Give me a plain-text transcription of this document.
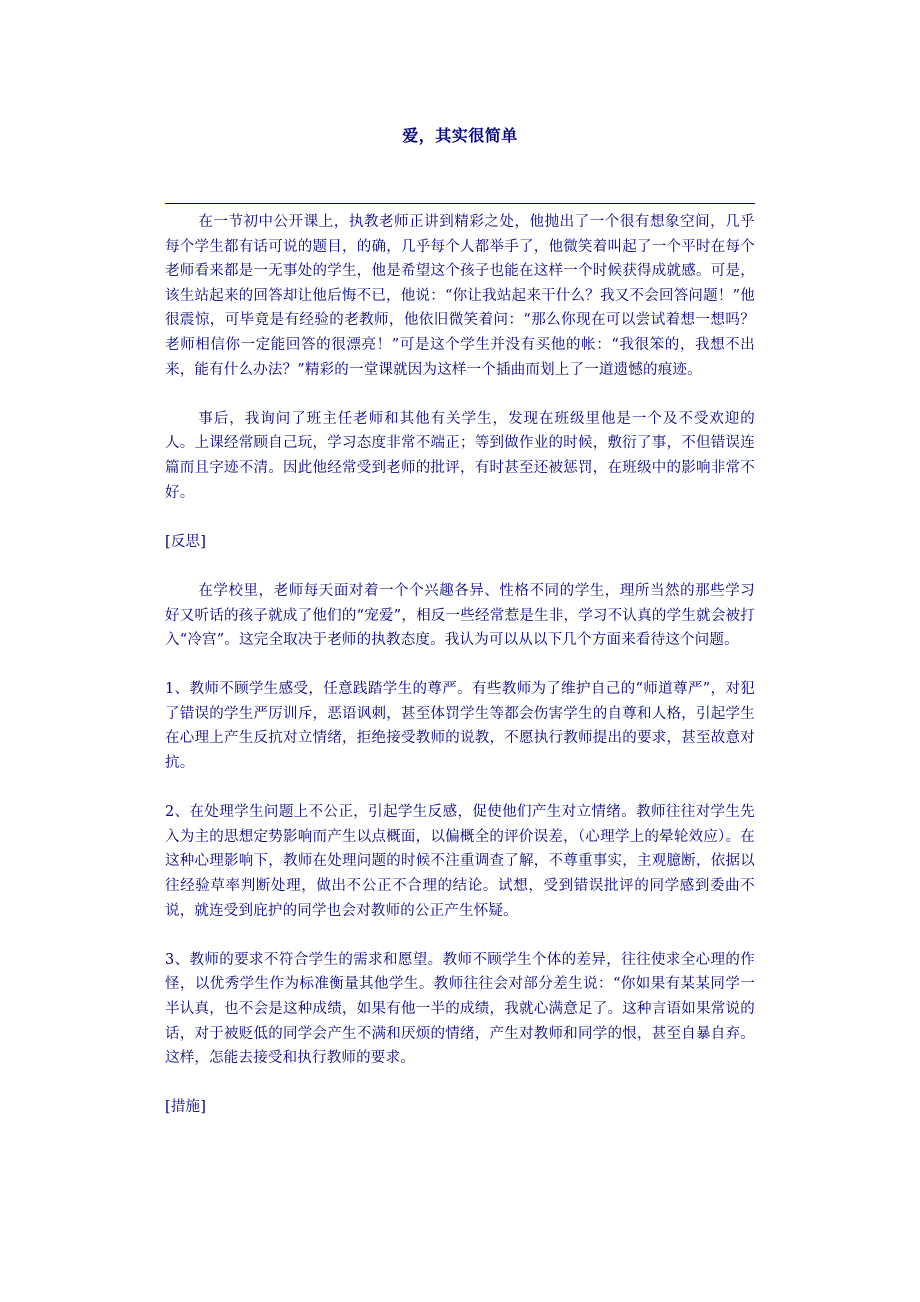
爱，其实很简单

在一节初中公开课上，执教老师正讲到精彩之处，他抛出了一个很有想象空间，几乎每个学生都有话可说的题目，的确，几乎每个人都举手了，他微笑着叫起了一个平时在每个老师看来都是一无事处的学生，他是希望这个孩子也能在这样一个时候获得成就感。可是，该生站起来的回答却让他后悔不已，他说：“你让我站起来干什么？我又不会回答问题！”他很震惊，可毕竟是有经验的老教师，他依旧微笑着问：“那么你现在可以尝试着想一想吗？老师相信你一定能回答的很漂亮！”可是这个学生并没有买他的帐：“我很笨的，我想不出来，能有什么办法？”精彩的一堂课就因为这样一个插曲而划上了一道遗憾的痕迹。

事后，我询问了班主任老师和其他有关学生，发现在班级里他是一个及不受欢迎的人。上课经常顾自己玩，学习态度非常不端正；等到做作业的时候，敷衍了事，不但错误连篇而且字迹不清。因此他经常受到老师的批评，有时甚至还被惩罚，在班级中的影响非常不好。

[反思]

在学校里，老师每天面对着一个个兴趣各异、性格不同的学生，理所当然的那些学习好又听话的孩子就成了他们的“宠爱”，相反一些经常惹是生非，学习不认真的学生就会被打入“冷宫”。这完全取决于老师的执教态度。我认为可以从以下几个方面来看待这个问题。

1、教师不顾学生感受，任意践踏学生的尊严。有些教师为了维护自己的“师道尊严”，对犯了错误的学生严厉训斥，恶语讽刺，甚至体罚学生等都会伤害学生的自尊和人格，引起学生在心理上产生反抗对立情绪，拒绝接受教师的说教，不愿执行教师提出的要求，甚至故意对抗。

2、在处理学生问题上不公正，引起学生反感，促使他们产生对立情绪。教师往往对学生先入为主的思想定势影响而产生以点概面，以偏概全的评价误差，（心理学上的晕轮效应）。在这种心理影响下，教师在处理问题的时候不注重调查了解，不尊重事实，主观臆断，依据以往经验草率判断处理，做出不公正不合理的结论。试想，受到错误批评的同学感到委曲不说，就连受到庇护的同学也会对教师的公正产生怀疑。

3、教师的要求不符合学生的需求和愿望。教师不顾学生个体的差异，往往使求全心理的作怪，以优秀学生作为标准衡量其他学生。教师往往会对部分差生说：“你如果有某某同学一半认真，也不会是这种成绩，如果有他一半的成绩，我就心满意足了。这种言语如果常说的话，对于被贬低的同学会产生不满和厌烦的情绪，产生对教师和同学的恨，甚至自暴自弃。这样，怎能去接受和执行教师的要求。

[措施]
